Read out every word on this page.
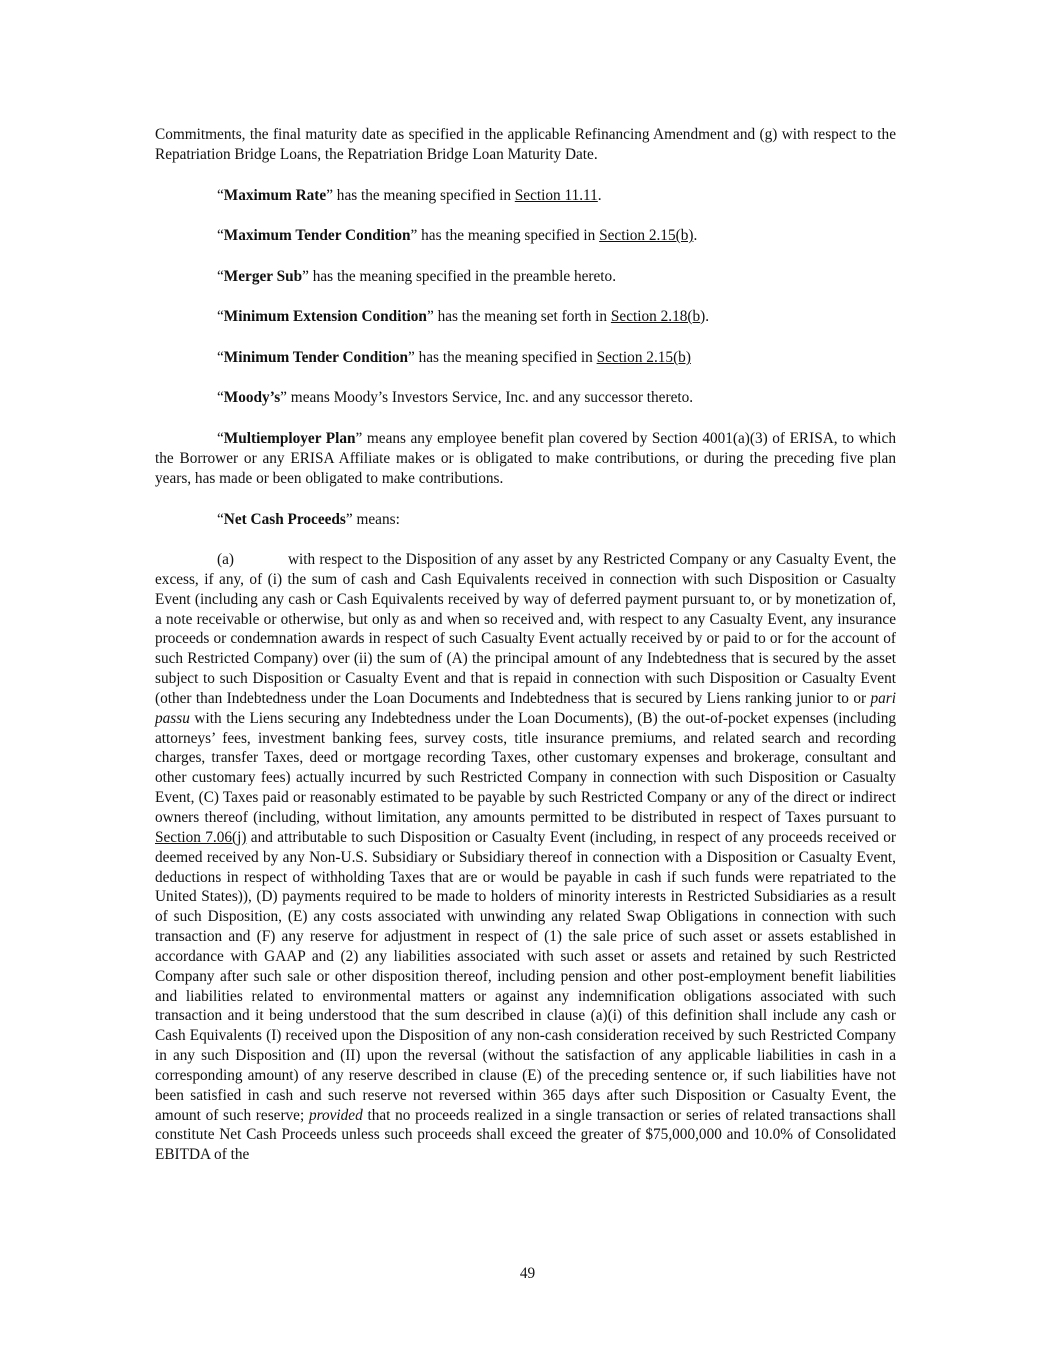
Commitments, the final maturity date as specified in the applicable Refinancing Amendment and (g) with respect to the Repatriation Bridge Loans, the Repatriation Bridge Loan Maturity Date.

“Maximum Rate” has the meaning specified in Section 11.11.

“Maximum Tender Condition” has the meaning specified in Section 2.15(b).

“Merger Sub” has the meaning specified in the preamble hereto.

“Minimum Extension Condition” has the meaning set forth in Section 2.18(b).

“Minimum Tender Condition” has the meaning specified in Section 2.15(b)

“Moody’s” means Moody’s Investors Service, Inc. and any successor thereto.

“Multiemployer Plan” means any employee benefit plan covered by Section 4001(a)(3) of ERISA, to which the Borrower or any ERISA Affiliate makes or is obligated to make contributions, or during the preceding five plan years, has made or been obligated to make contributions.

“Net Cash Proceeds” means:

(a)	with respect to the Disposition of any asset by any Restricted Company or any Casualty Event, the excess, if any, of (i) the sum of cash and Cash Equivalents received in connection with such Disposition or Casualty Event (including any cash or Cash Equivalents received by way of deferred payment pursuant to, or by monetization of, a note receivable or otherwise, but only as and when so received and, with respect to any Casualty Event, any insurance proceeds or condemnation awards in respect of such Casualty Event actually received by or paid to or for the account of such Restricted Company) over (ii) the sum of (A) the principal amount of any Indebtedness that is secured by the asset subject to such Disposition or Casualty Event and that is repaid in connection with such Disposition or Casualty Event (other than Indebtedness under the Loan Documents and Indebtedness that is secured by Liens ranking junior to or pari passu with the Liens securing any Indebtedness under the Loan Documents), (B) the out-of-pocket expenses (including attorneys’ fees, investment banking fees, survey costs, title insurance premiums, and related search and recording charges, transfer Taxes, deed or mortgage recording Taxes, other customary expenses and brokerage, consultant and other customary fees) actually incurred by such Restricted Company in connection with such Disposition or Casualty Event, (C) Taxes paid or reasonably estimated to be payable by such Restricted Company or any of the direct or indirect owners thereof (including, without limitation, any amounts permitted to be distributed in respect of Taxes pursuant to Section 7.06(j) and attributable to such Disposition or Casualty Event (including, in respect of any proceeds received or deemed received by any Non-U.S. Subsidiary or Subsidiary thereof in connection with a Disposition or Casualty Event, deductions in respect of withholding Taxes that are or would be payable in cash if such funds were repatriated to the United States)), (D) payments required to be made to holders of minority interests in Restricted Subsidiaries as a result of such Disposition, (E) any costs associated with unwinding any related Swap Obligations in connection with such transaction and (F) any reserve for adjustment in respect of (1) the sale price of such asset or assets established in accordance with GAAP and (2) any liabilities associated with such asset or assets and retained by such Restricted Company after such sale or other disposition thereof, including pension and other post-employment benefit liabilities and liabilities related to environmental matters or against any indemnification obligations associated with such transaction and it being understood that the sum described in clause (a)(i) of this definition shall include any cash or Cash Equivalents (I) received upon the Disposition of any non-cash consideration received by such Restricted Company in any such Disposition and (II) upon the reversal (without the satisfaction of any applicable liabilities in cash in a corresponding amount) of any reserve described in clause (E) of the preceding sentence or, if such liabilities have not been satisfied in cash and such reserve not reversed within 365 days after such Disposition or Casualty Event, the amount of such reserve; provided that no proceeds realized in a single transaction or series of related transactions shall constitute Net Cash Proceeds unless such proceeds shall exceed the greater of $75,000,000 and 10.0% of Consolidated EBITDA of the

49
